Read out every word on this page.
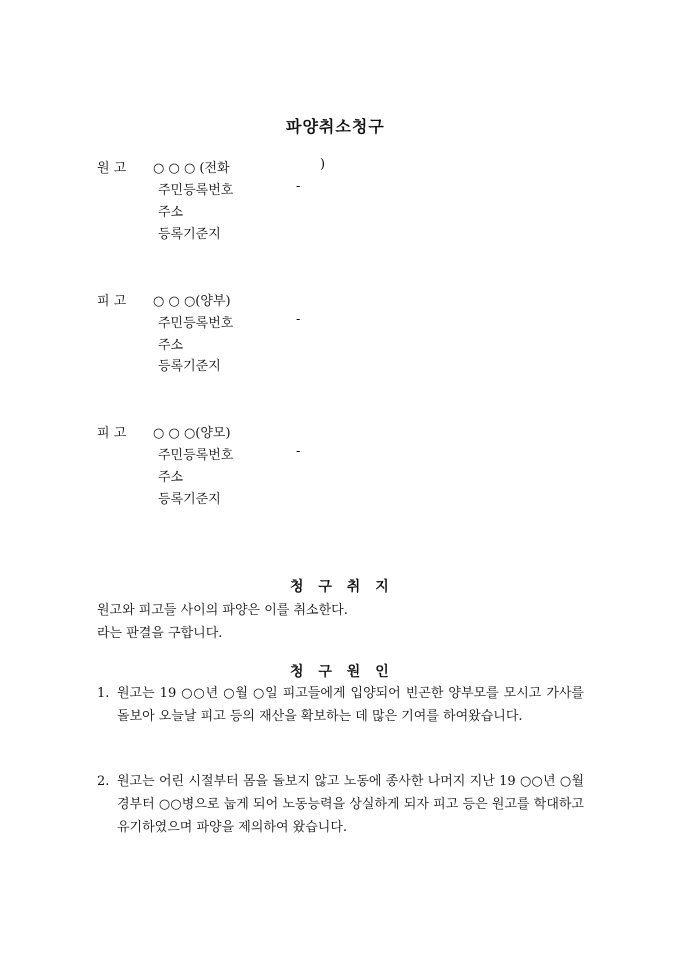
파양취소청구
원 고 ○ ○ ○ (전화	)
주민등록번호	-
주소
등록기준지
피 고 ○ ○ ○(양부)
주민등록번호	-
주소
등록기준지
피 고 ○ ○ ○(양모)
주민등록번호	-
주소
등록기준지
청 구 취 지
원고와 피고들 사이의 파양은 이를 취소한다.
라는 판결을 구합니다.
청 구 원 인
1. 원고는 19 ○○년 ○월 ○일 피고들에게 입양되어 빈곤한 양부모를 모시고 가사를 돌보아 오늘날 피고 등의 재산을 확보하는 데 많은 기여를 하여왔습니다.
2. 원고는 어린 시절부터 몸을 돌보지 않고 노동에 종사한 나머지 지난 19 ○○년 ○월경부터 ○○병으로 눕게 되어 노동능력을 상실하게 되자 피고 등은 원고를 학대하고 유기하였으며 파양을 제의하여 왔습니다.
